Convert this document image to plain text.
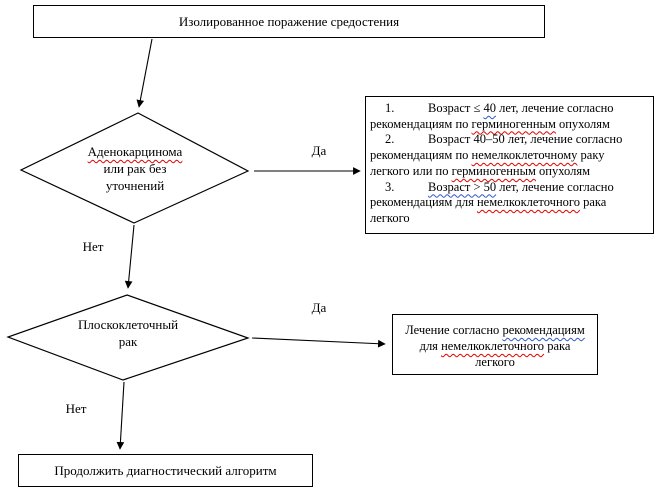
Изолированное поражение средостения
Аденокарцинома
или рак без
уточнений
Да
Нет
1.	Возраст ≤ 40 лет, лечение согласно
рекомендациям по герминогенным опухолям
2.	Возраст 40–50 лет, лечение согласно
рекомендациям по немелкоклеточному раку
легкого или по герминогенным опухолям
3.	Возраст > 50 лет, лечение согласно
рекомендациям для немелкоклеточного рака
легкого
Плоскоклеточный
рак
Да
Нет
Лечение согласно рекомендациям
для немелкоклеточного рака
легкого
Продолжить диагностический алгоритм
